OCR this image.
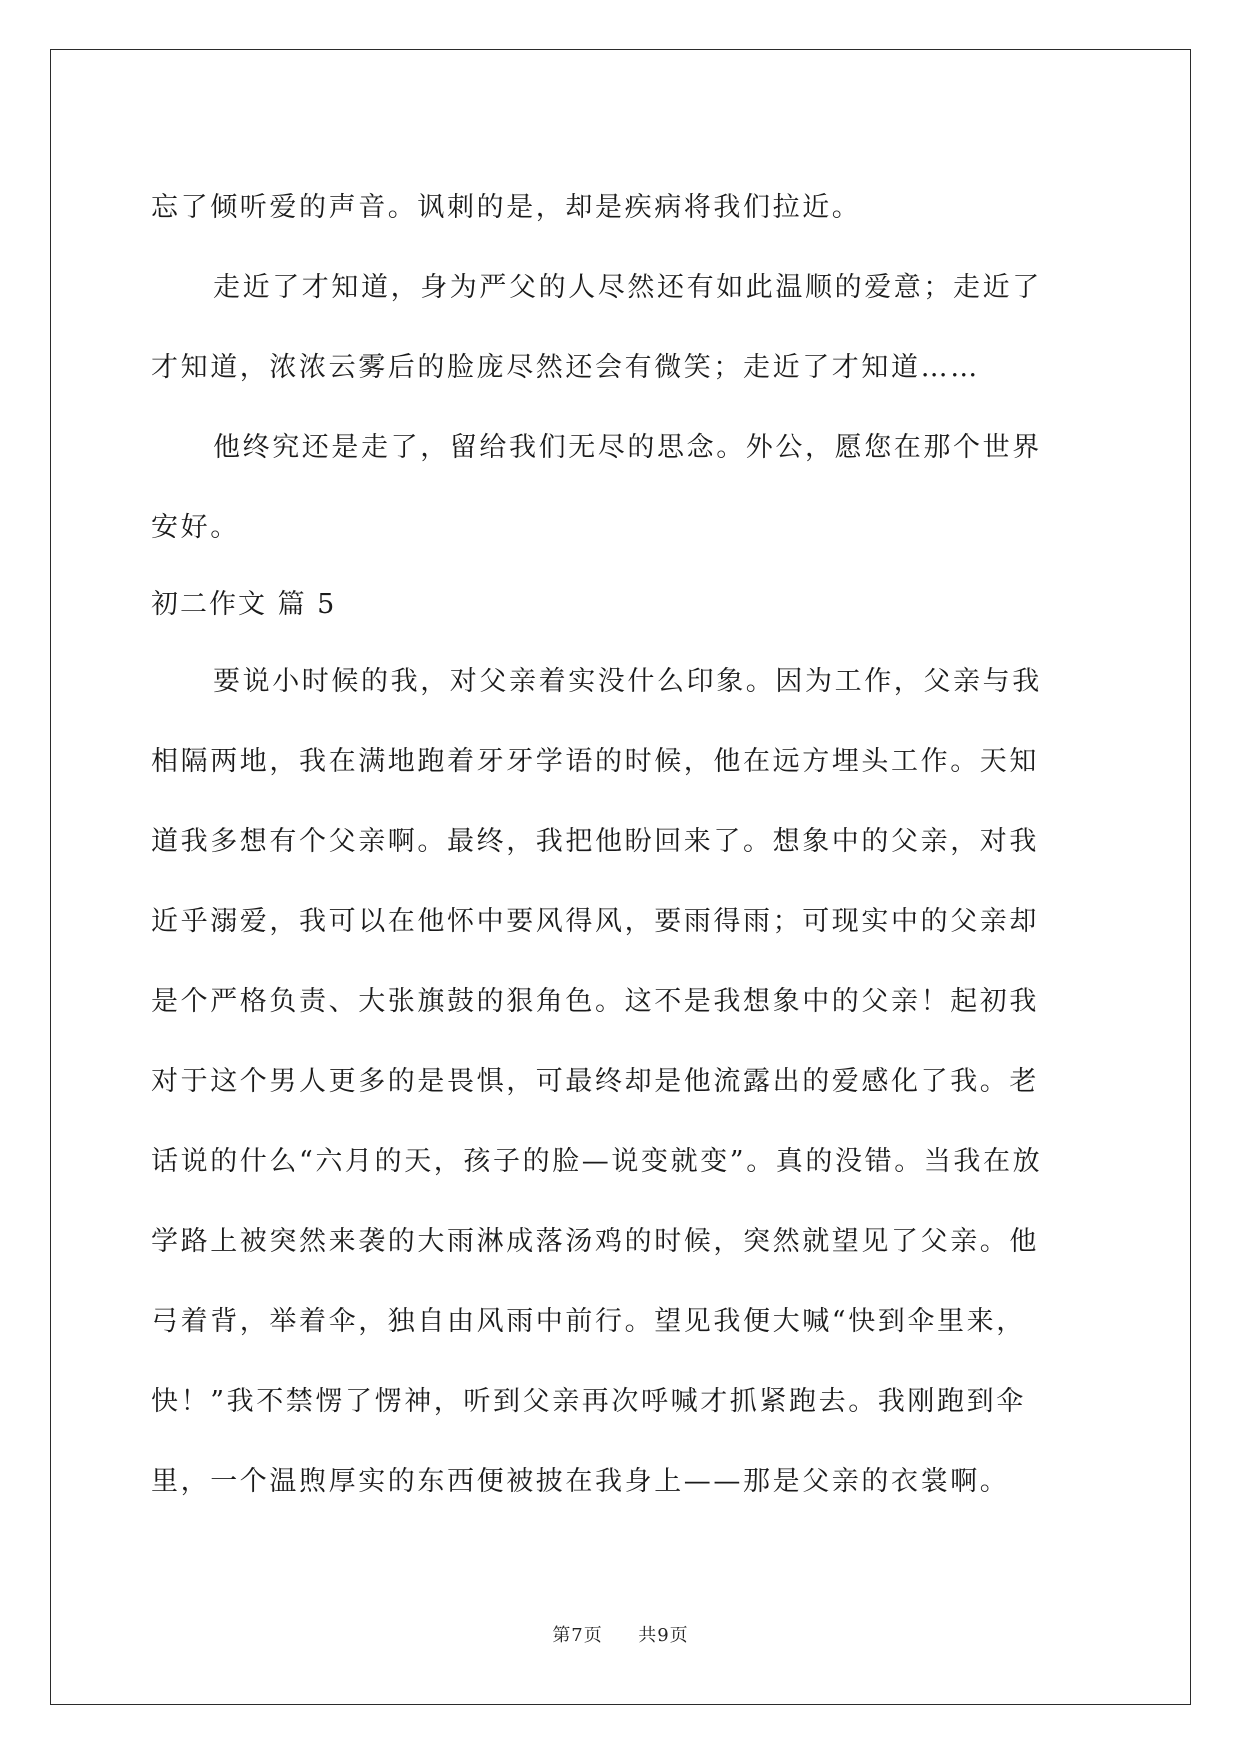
忘了倾听爱的声音。讽刺的是，却是疾病将我们拉近。
走近了才知道，身为严父的人尽然还有如此温顺的爱意；走近了
才知道，浓浓云雾后的脸庞尽然还会有微笑；走近了才知道……
他终究还是走了，留给我们无尽的思念。外公，愿您在那个世界
安好。
初二作文 篇 5
要说小时候的我，对父亲着实没什么印象。因为工作，父亲与我
相隔两地，我在满地跑着牙牙学语的时候，他在远方埋头工作。天知
道我多想有个父亲啊。最终，我把他盼回来了。想象中的父亲，对我
近乎溺爱，我可以在他怀中要风得风，要雨得雨；可现实中的父亲却
是个严格负责、大张旗鼓的狠角色。这不是我想象中的父亲！起初我
对于这个男人更多的是畏惧，可最终却是他流露出的爱感化了我。老
话说的什么“六月的天，孩子的脸—说变就变”。真的没错。当我在放
学路上被突然来袭的大雨淋成落汤鸡的时候，突然就望见了父亲。他
弓着背，举着伞，独自由风雨中前行。望见我便大喊“快到伞里来，
快！”我不禁愣了愣神，听到父亲再次呼喊才抓紧跑去。我刚跑到伞
里，一个温煦厚实的东西便被披在我身上——那是父亲的衣裳啊。
第7页 共9页
